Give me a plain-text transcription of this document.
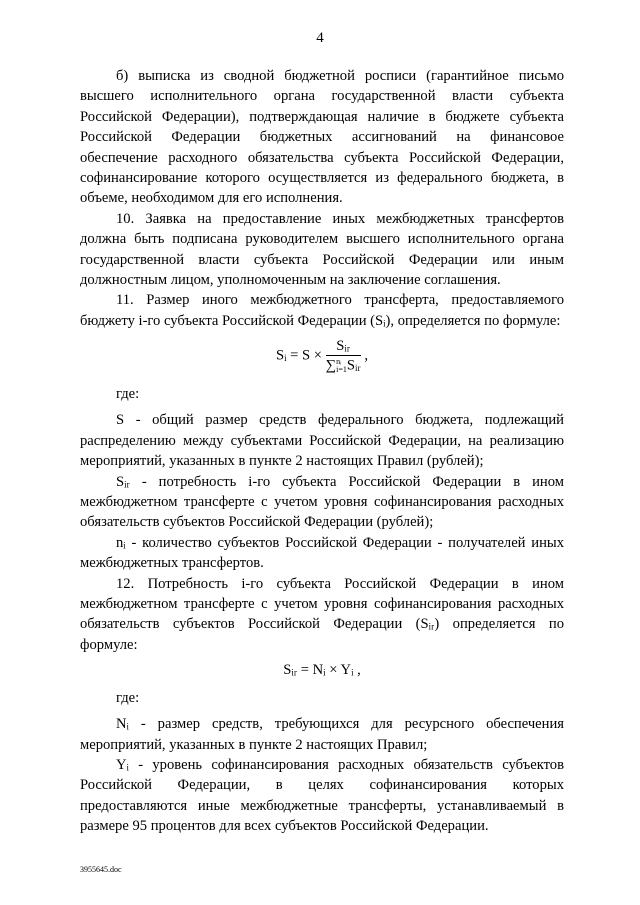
4

б) выписка из сводной бюджетной росписи (гарантийное письмо высшего исполнительного органа государственной власти субъекта Российской Федерации), подтверждающая наличие в бюджете субъекта Российской Федерации бюджетных ассигнований на финансовое обеспечение расходного обязательства субъекта Российской Федерации, софинансирование которого осуществляется из федерального бюджета, в объеме, необходимом для его исполнения.

10. Заявка на предоставление иных межбюджетных трансфертов должна быть подписана руководителем высшего исполнительного органа государственной власти субъекта Российской Федерации или иным должностным лицом, уполномоченным на заключение соглашения.

11. Размер иного межбюджетного трансферта, предоставляемого бюджету i-го субъекта Российской Федерации (Sᵢ), определяется по формуле:

Sᵢ = S ×
Sᵢᵣ
∑nᵢ
i=1Sᵢᵣ
,

где:

S - общий размер средств федерального бюджета, подлежащий распределению между субъектами Российской Федерации, на реализацию мероприятий, указанных в пункте 2 настоящих Правил (рублей);

Sᵢᵣ - потребность i-го субъекта Российской Федерации в ином межбюджетном трансферте с учетом уровня софинансирования расходных обязательств субъектов Российской Федерации (рублей);

nᵢ - количество субъектов Российской Федерации - получателей иных межбюджетных трансфертов.

12. Потребность i-го субъекта Российской Федерации в ином межбюджетном трансферте с учетом уровня софинансирования расходных обязательств субъектов Российской Федерации (Sᵢᵣ) определяется по формуле:

Sᵢᵣ = Nᵢ × Yᵢ ,

где:

Nᵢ - размер средств, требующихся для ресурсного обеспечения мероприятий, указанных в пункте 2 настоящих Правил;

Yᵢ - уровень софинансирования расходных обязательств субъектов Российской Федерации, в целях софинансирования которых предоставляются иные межбюджетные трансферты, устанавливаемый в размере 95 процентов для всех субъектов Российской Федерации.

3955645.doc
